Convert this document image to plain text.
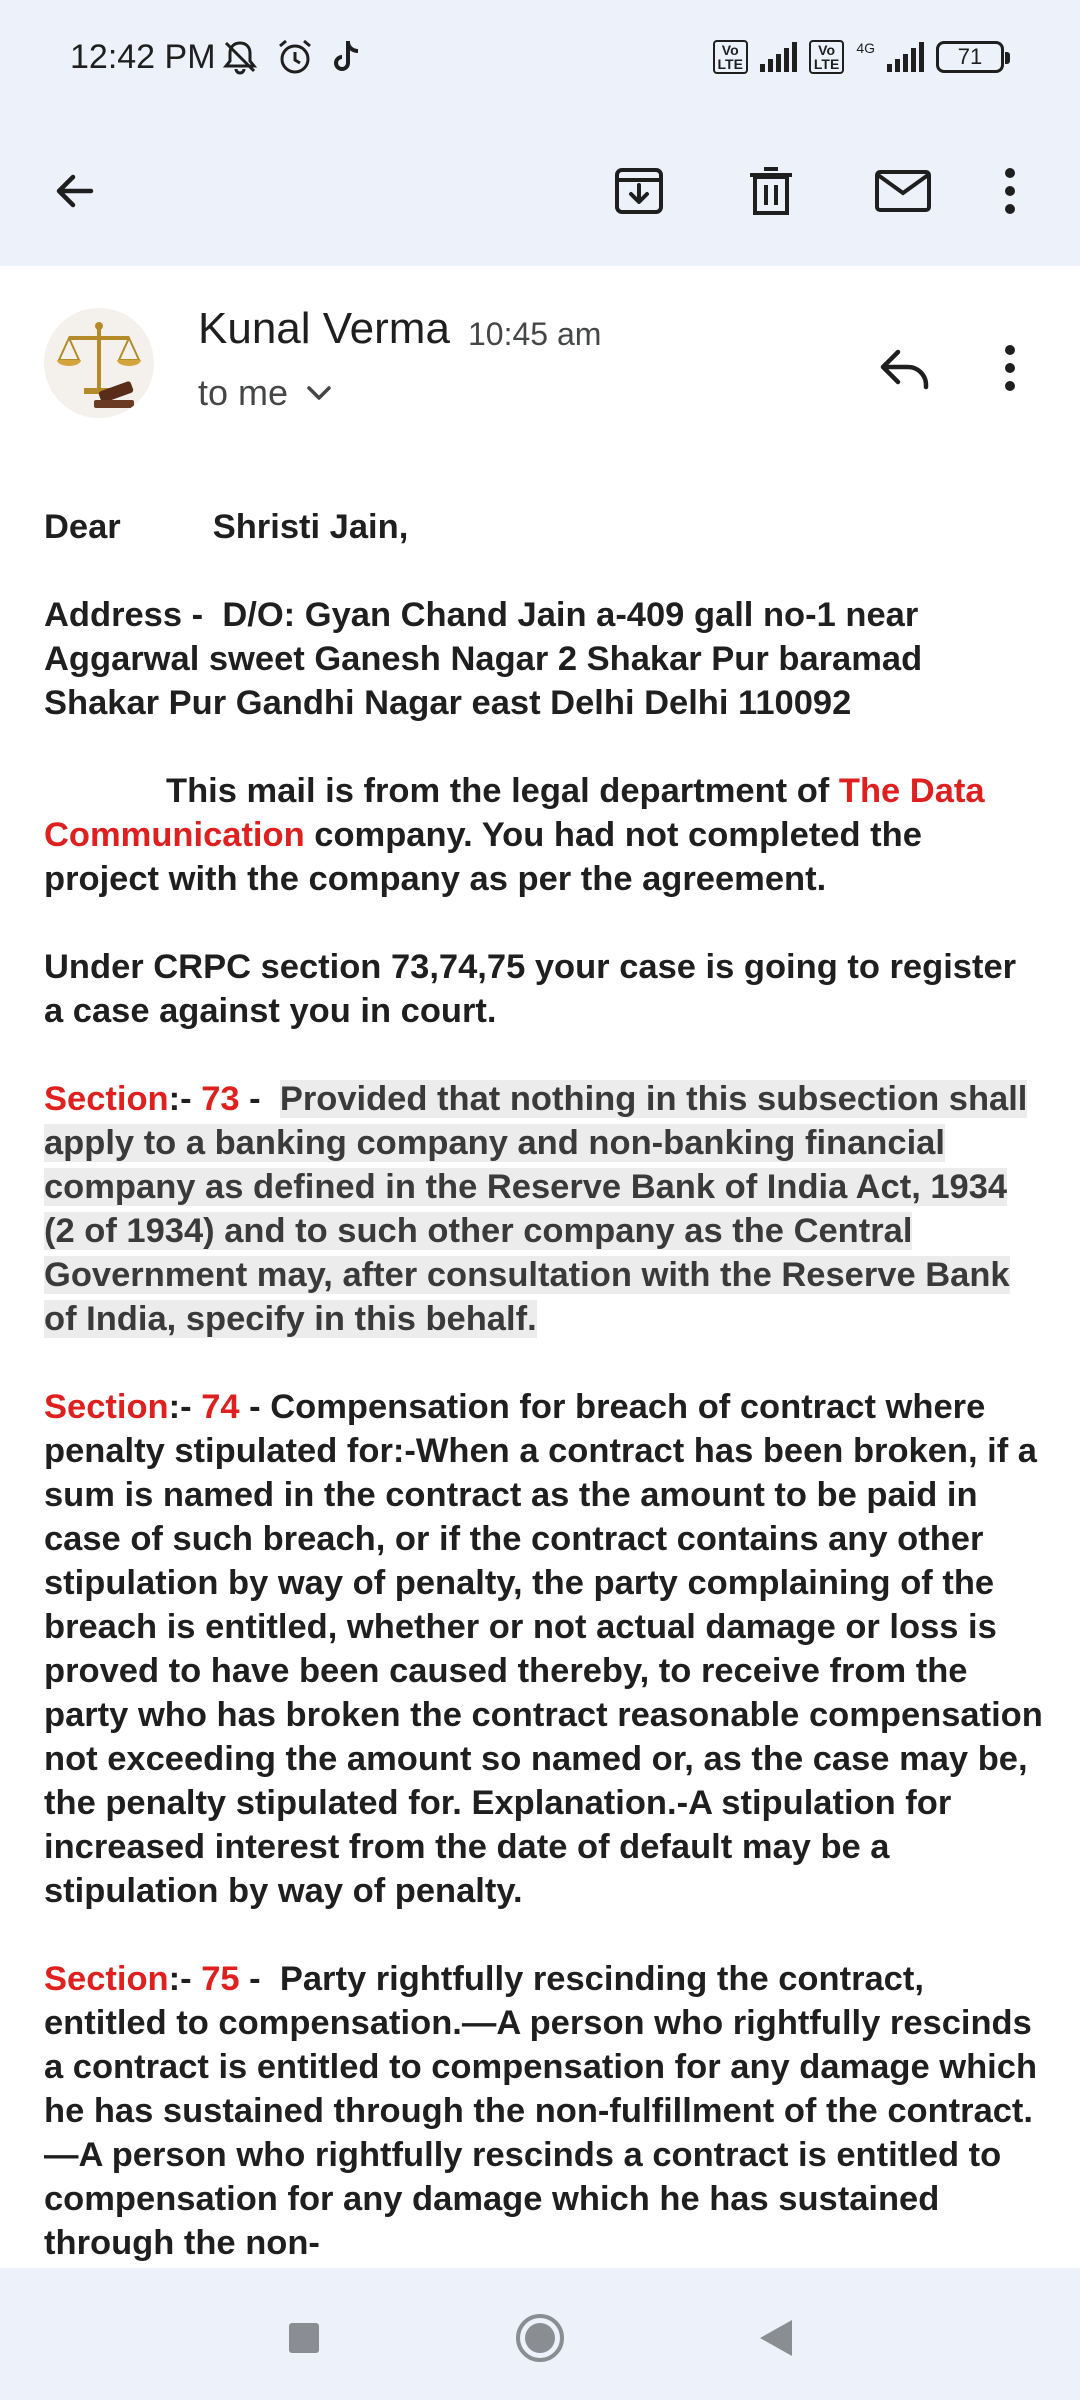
12:42 PM	Vo
LTE
Vo
LTE
4G	71
Kunal Verma 10:45 am
to me

Dear	Shristi Jain,

Address -  D/O: Gyan Chand Jain a-409 gall no-1 near Aggarwal sweet Ganesh Nagar 2 Shakar Pur baramad Shakar Pur Gandhi Nagar east Delhi Delhi 110092

This mail is from the legal department of The Data Communication company. You had not completed the project with the company as per the agreement.

Under CRPC section 73,74,75 your case is going to register a case against you in court.

Section:- 73 -  Provided that nothing in this subsection shall apply to a banking company and non-banking financial company as defined in the Reserve Bank of India Act, 1934 (2 of 1934) and to such other company as the Central Government may, after consultation with the Reserve Bank of India, specify in this behalf.

Section:- 74 - Compensation for breach of contract where penalty stipulated for:-When a contract has been broken, if a sum is named in the contract as the amount to be paid in case of such breach, or if the contract contains any other stipulation by way of penalty, the party complaining of the breach is entitled, whether or not actual damage or loss is proved to have been caused thereby, to receive from the party who has broken the contract reasonable compensation not exceeding the amount so named or, as the case may be, the penalty stipulated for. Explanation.-A stipulation for increased interest from the date of default may be a stipulation by way of penalty.

Section:- 75 -  Party rightfully rescinding the contract, entitled to compensation.—A person who rightfully rescinds a contract is entitled to compensation for any damage which he has sustained through the non-fulfillment of the contract. —A person who rightfully rescinds a contract is entitled to compensation for any damage which he has sustained through the non-
